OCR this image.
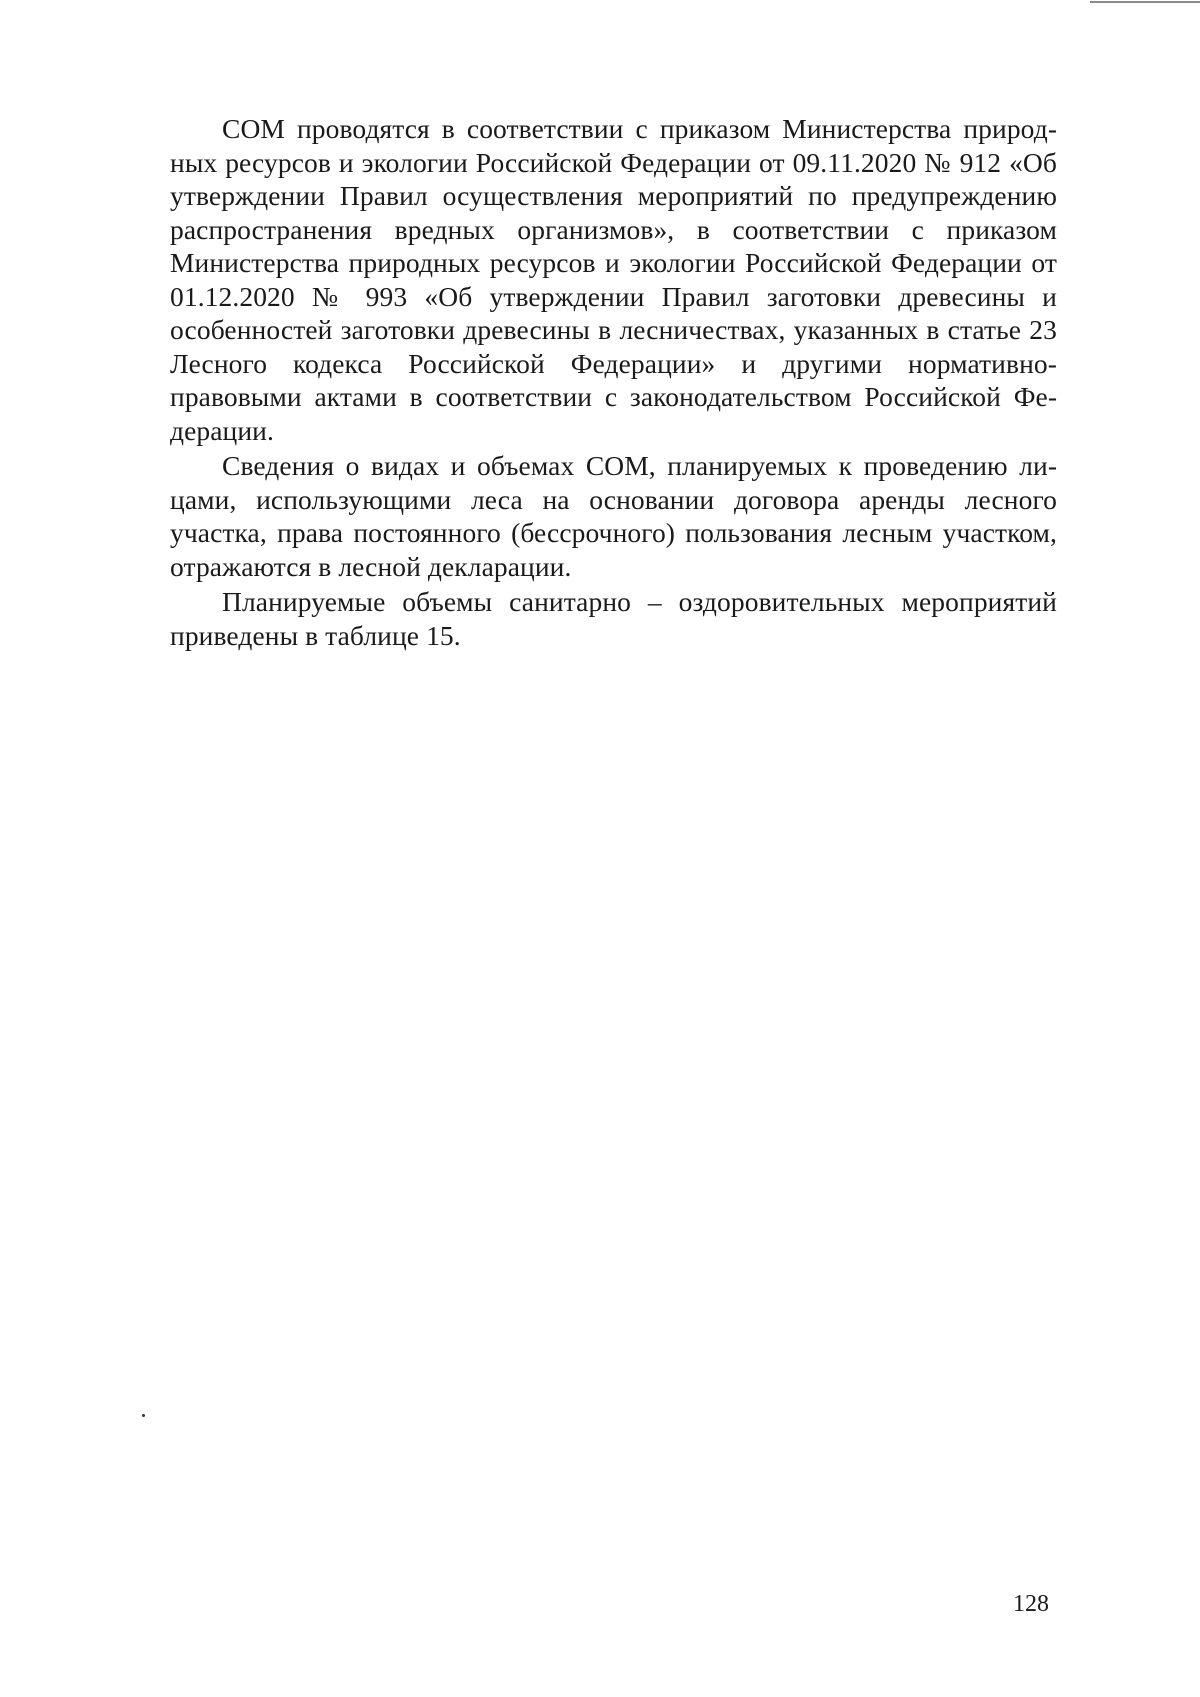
СОМ проводятся в соответствии с приказом Министерства природных ресурсов и экологии Российской Федерации от 09.11.2020 № 912 «Об утверждении Правил осуществления мероприятий по предупреждению распространения вредных организмов», в соответствии с приказом Министерства природных ресурсов и экологии Российской Федерации от 01.12.2020 № 993 «Об утверждении Правил заготовки древесины и особенностей заготовки древесины в лесничествах, указанных в статье 23 Лесного кодекса Российской Федерации» и другими нормативно-правовыми актами в соответствии с законодательством Российской Федерации.

Сведения о видах и объемах СОМ, планируемых к проведению лицами, использующими леса на основании договора аренды лесного участка, права постоянного (бессрочного) пользования лесным участком, отражаются в лесной декларации.

Планируемые объемы санитарно – оздоровительных мероприятий приведены в таблице 15.

128
